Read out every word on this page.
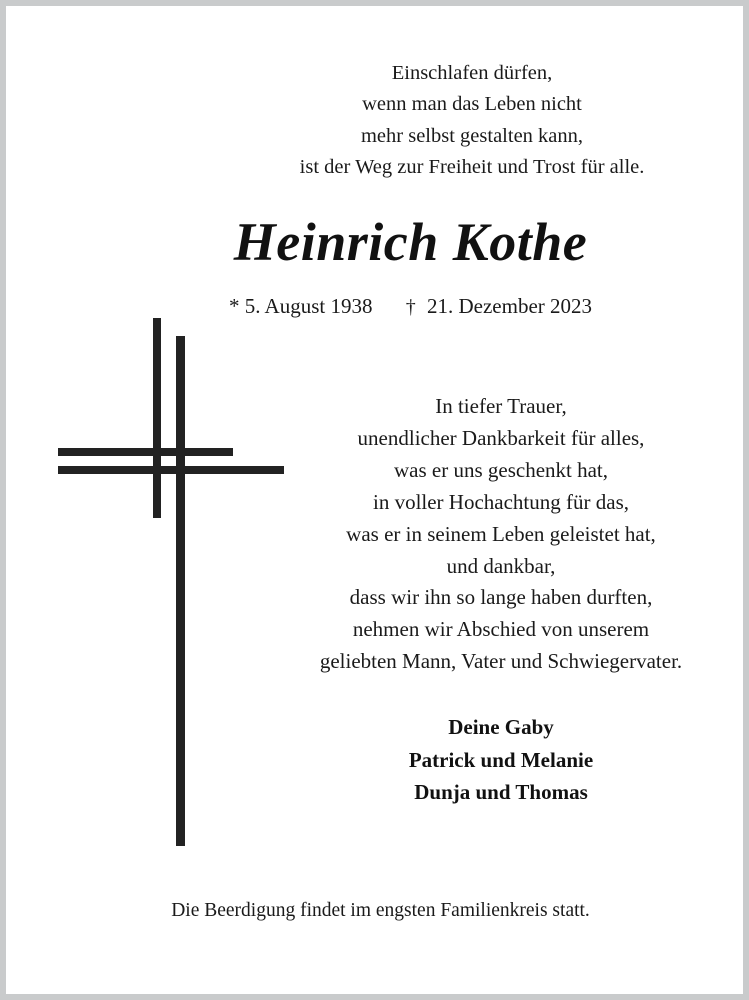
Einschlafen dürfen,
wenn man das Leben nicht
mehr selbst gestalten kann,
ist der Weg zur Freiheit und Trost für alle.
Heinrich Kothe
* 5. August 1938 † 21. Dezember 2023
In tiefer Trauer,
unendlicher Dankbarkeit für alles,
was er uns geschenkt hat,
in voller Hochachtung für das,
was er in seinem Leben geleistet hat,
und dankbar,
dass wir ihn so lange haben durften,
nehmen wir Abschied von unserem
geliebten Mann, Vater und Schwiegervater.
Deine Gaby
Patrick und Melanie
Dunja und Thomas
Die Beerdigung findet im engsten Familienkreis statt.
